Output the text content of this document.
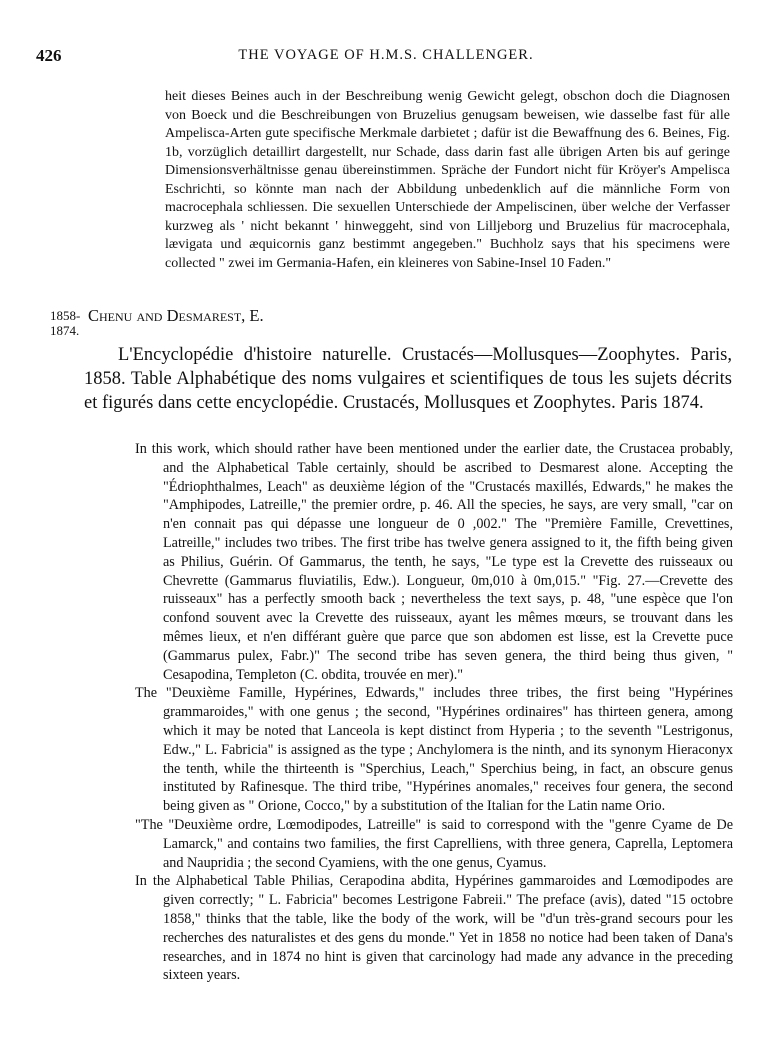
426	THE VOYAGE OF H.M.S. CHALLENGER.
heit dieses Beines auch in der Beschreibung wenig Gewicht gelegt, obschon doch die Diagnosen von Boeck und die Beschreibungen von Bruzelius genugsam beweisen, wie dasselbe fast für alle Ampelisca-Arten gute specifische Merkmale darbietet ; dafür ist die Bewaffnung des 6. Beines, Fig. 1b, vorzüglich detaillirt dargestellt, nur Schade, dass darin fast alle übrigen Arten bis auf geringe Dimensionsverhältnisse genau übereinstimmen. Spräche der Fundort nicht für Kröyer's Ampelisca Eschrichti, so könnte man nach der Abbildung unbedenklich auf die männliche Form von macrocephala schliessen. Die sexuellen Unterschiede der Ampeliscinen, über welche der Verfasser kurzweg als ' nicht bekannt ' hinweggeht, sind von Lilljeborg und Bruzelius für macrocephala, lævigata und æquicornis ganz bestimmt angegeben." Buchholz says that his specimens were collected " zwei im Germania-Hafen, ein kleineres von Sabine-Insel 10 Faden."
1858-
1874.
Chenu and Desmarest, E.

L'Encyclopédie d'histoire naturelle. Crustacés—Mollusques—Zoophytes. Paris, 1858. Table Alphabétique des noms vulgaires et scientifiques de tous les sujets décrits et figurés dans cette encyclopédie. Crustacés, Mollusques et Zoophytes. Paris 1874.

In this work, which should rather have been mentioned under the earlier date, the Crustacea probably, and the Alphabetical Table certainly, should be ascribed to Desmarest alone. Accepting the "Édriophthalmes, Leach" as deuxième légion of the "Crustacés maxillés, Edwards," he makes the "Amphipodes, Latreille," the premier ordre, p. 46. All the species, he says, are very small, "car on n'en connait pas qui dépasse une longueur de 0 ,002." The "Première Famille, Crevettines, Latreille," includes two tribes. The first tribe has twelve genera assigned to it, the fifth being given as Philius, Guérin. Of Gammarus, the tenth, he says, "Le type est la Crevette des ruisseaux ou Chevrette (Gammarus fluviatilis, Edw.). Longueur, 0m,010 à 0m,015." "Fig. 27.—Crevette des ruisseaux" has a perfectly smooth back ; nevertheless the text says, p. 48, "une espèce que l'on confond souvent avec la Crevette des ruisseaux, ayant les mêmes mœurs, se trouvant dans les mêmes lieux, et n'en différant guère que parce que son abdomen est lisse, est la Crevette puce (Gammarus pulex, Fabr.)" The second tribe has seven genera, the third being thus given, " Cesapodina, Templeton (C. obdita, trouvée en mer)."

The "Deuxième Famille, Hypérines, Edwards," includes three tribes, the first being "Hypérines grammaroides," with one genus ; the second, "Hypérines ordinaires" has thirteen genera, among which it may be noted that Lanceola is kept distinct from Hyperia ; to the seventh "Lestrigonus, Edw.," L. Fabricia" is assigned as the type ; Anchylomera is the ninth, and its synonym Hieraconyx the tenth, while the thirteenth is "Sperchius, Leach," Sperchius being, in fact, an obscure genus instituted by Rafinesque. The third tribe, "Hypérines anomales," receives four genera, the second being given as " Orione, Cocco," by a substitution of the Italian for the Latin name Orio.

"The "Deuxième ordre, Lœmodipodes, Latreille" is said to correspond with the "genre Cyame de De Lamarck," and contains two families, the first Caprelliens, with three genera, Caprella, Leptomera and Naupridia ; the second Cyamiens, with the one genus, Cyamus.

In the Alphabetical Table Philias, Cerapodina abdita, Hypérines gammaroides and Lœmodipodes are given correctly; " L. Fabricia" becomes Lestrigone Fabreii." The preface (avis), dated "15 octobre 1858," thinks that the table, like the body of the work, will be "d'un très-grand secours pour les recherches des naturalistes et des gens du monde." Yet in 1858 no notice had been taken of Dana's researches, and in 1874 no hint is given that carcinology had made any advance in the preceding sixteen years.
